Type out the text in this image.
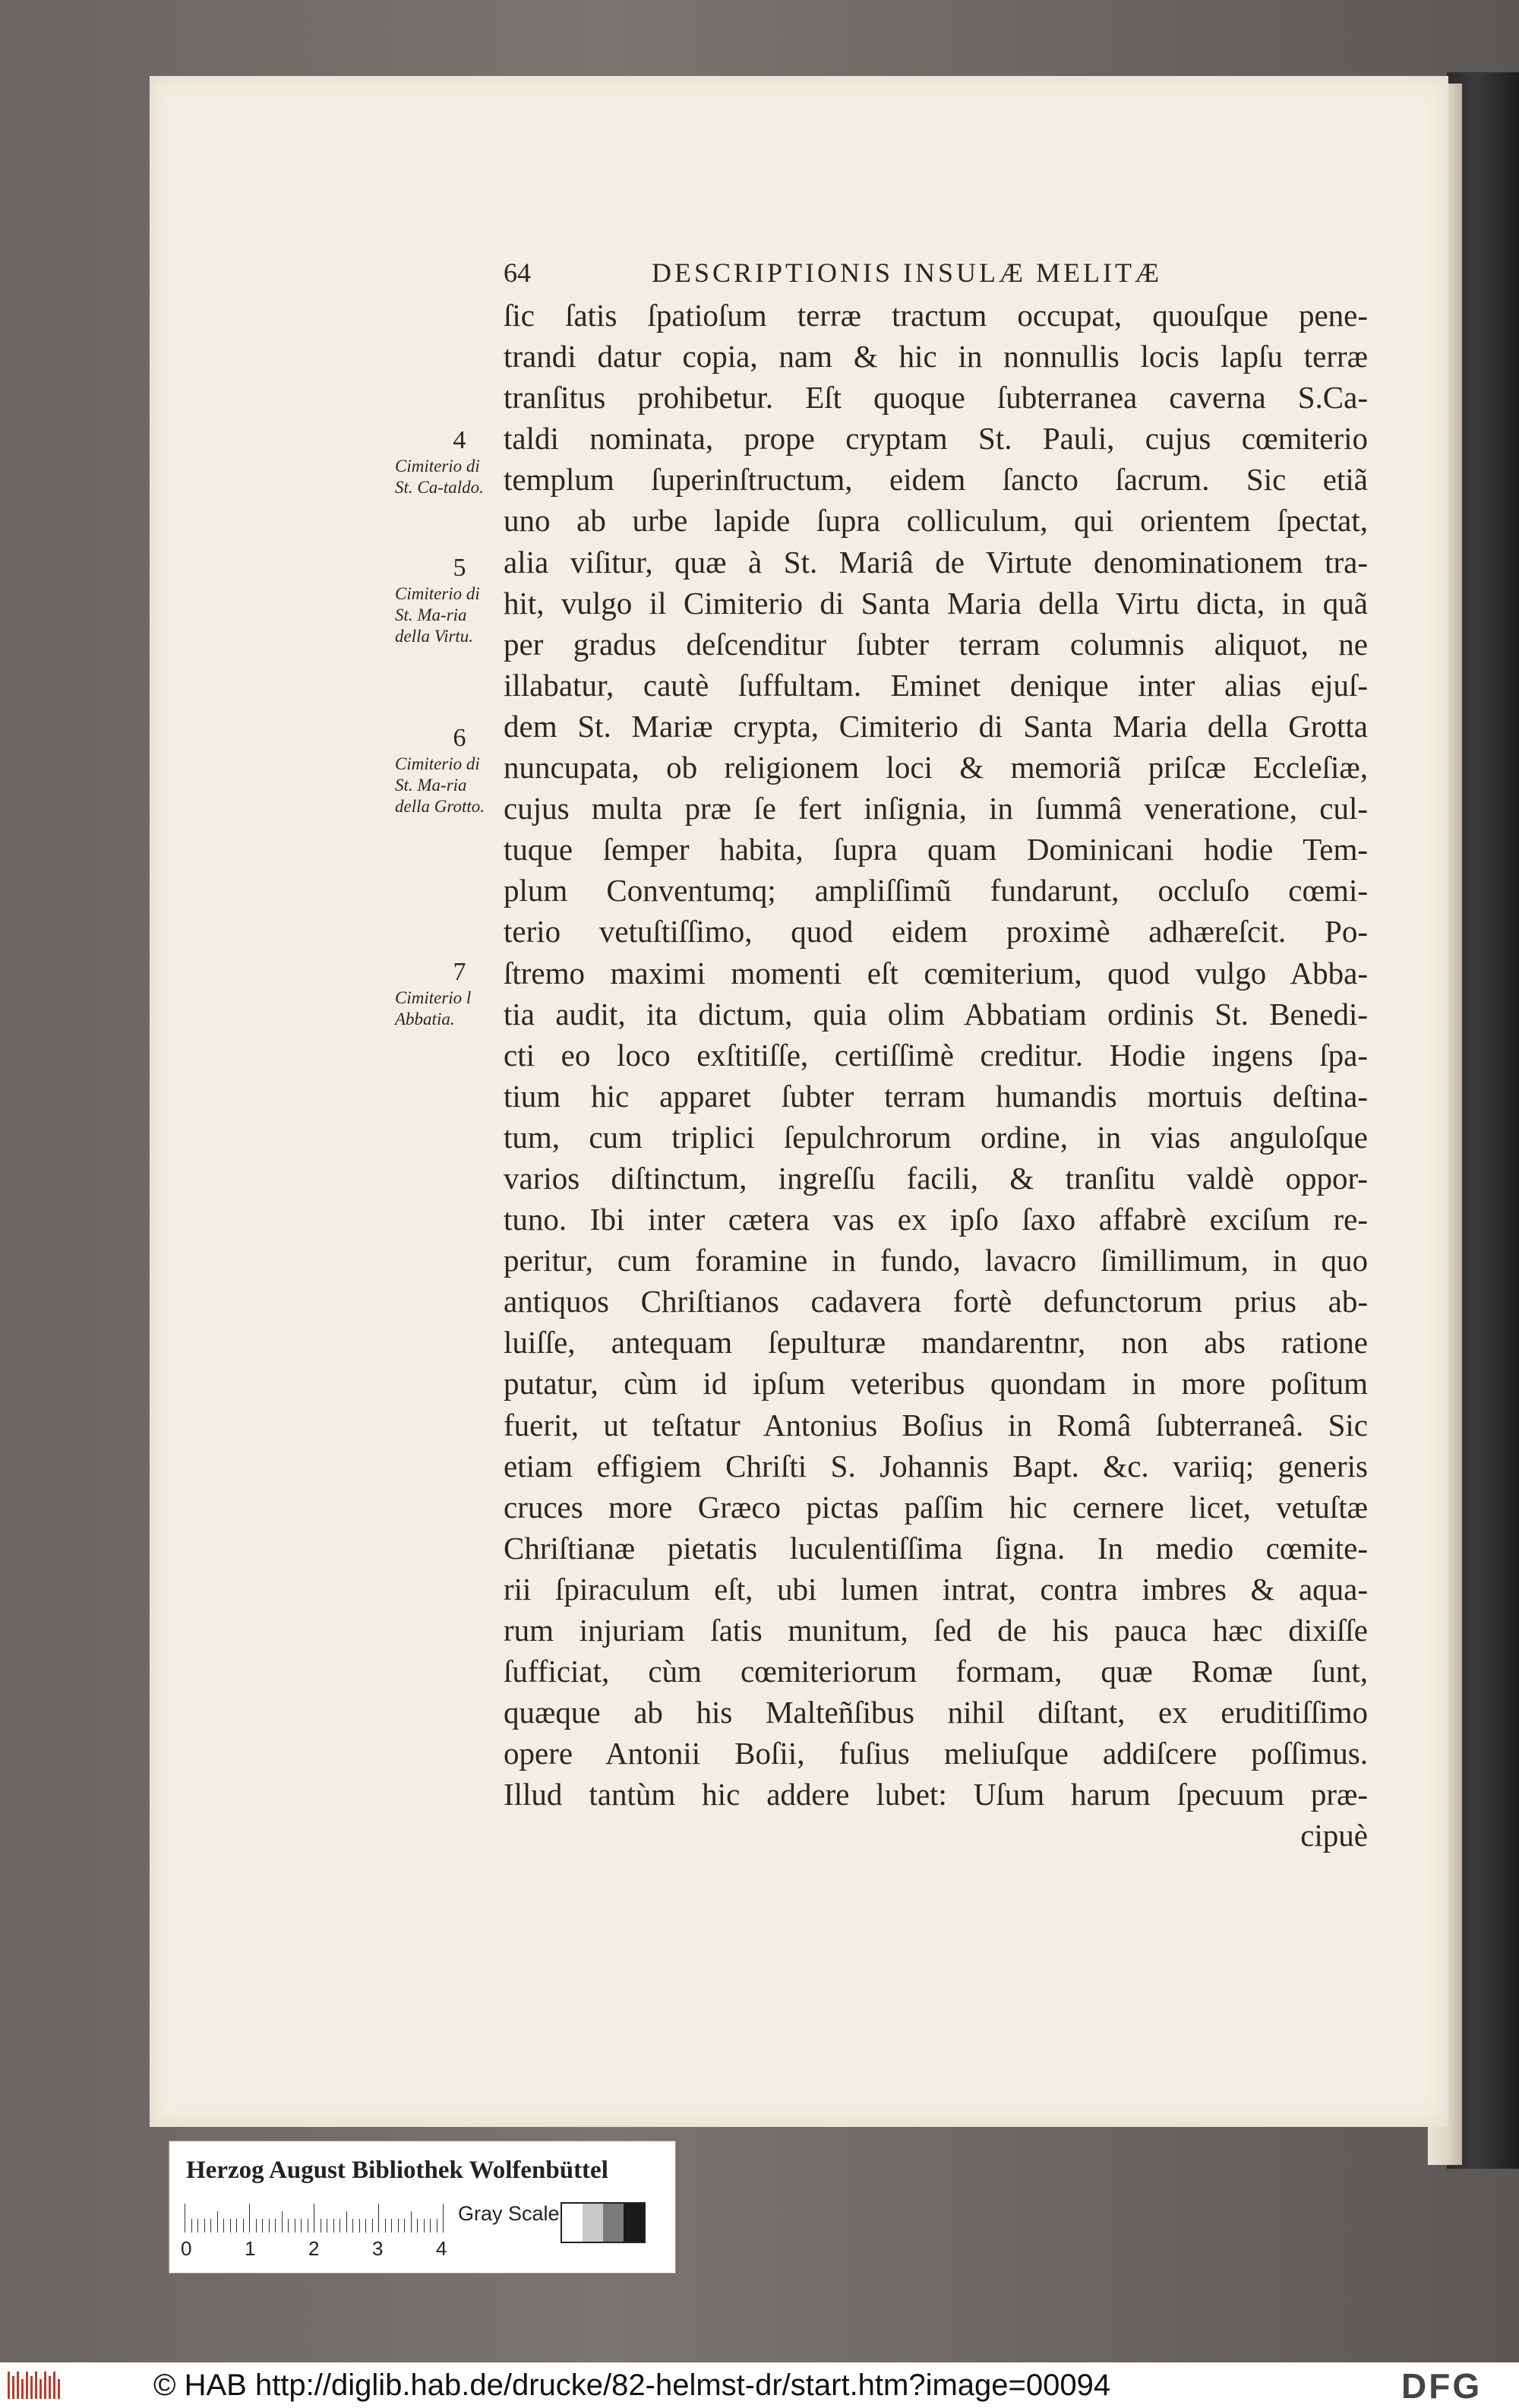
64	DESCRIPTIONIS INSULÆ MELITÆ
ſic ſatis ſpatioſum terræ tractum occupat, quouſque pene-
trandi datur copia, nam & hic in nonnullis locis lapſu terræ
tranſitus prohibetur. Eſt quoque ſubterranea caverna S.Ca-
taldi nominata, prope cryptam St. Pauli, cujus cœmiterio
templum ſuperinſtructum, eidem ſancto ſacrum. Sic etiã
uno ab urbe lapide ſupra colliculum, qui orientem ſpectat,
alia viſitur, quæ à St. Mariâ de Virtute denominationem tra-
hit, vulgo il Cimiterio di Santa Maria della Virtu dicta, in quã
per gradus deſcenditur ſubter terram columnis aliquot, ne
illabatur, cautè ſuffultam. Eminet denique inter alias ejuſ-
dem St. Mariæ crypta, Cimiterio di Santa Maria della Grotta
nuncupata, ob religionem loci & memoriã priſcæ Eccleſiæ,
cujus multa præ ſe fert inſignia, in ſummâ veneratione, cul-
tuque ſemper habita, ſupra quam Dominicani hodie Tem-
plum Conventumq; ampliſſimũ fundarunt, occluſo cœmi-
terio vetuſtiſſimo, quod eidem proximè adhæreſcit. Po-
ſtremo maximi momenti eſt cœmiterium, quod vulgo Abba-
tia audit, ita dictum, quia olim Abbatiam ordinis St. Benedi-
cti eo loco exſtitiſſe, certiſſimè creditur. Hodie ingens ſpa-
tium hic apparet ſubter terram humandis mortuis deſtina-
tum, cum triplici ſepulchrorum ordine, in vias anguloſque
varios diſtinctum, ingreſſu facili, & tranſitu valdè oppor-
tuno. Ibi inter cætera vas ex ipſo ſaxo affabrè exciſum re-
peritur, cum foramine in fundo, lavacro ſimillimum, in quo
antiquos Chriſtianos cadavera fortè defunctorum prius ab-
luiſſe, antequam ſepulturæ mandarentnr, non abs ratione
putatur, cùm id ipſum veteribus quondam in more poſitum
fuerit, ut teſtatur Antonius Boſius in Româ ſubterraneâ. Sic
etiam effigiem Chriſti S. Johannis Bapt. &c. variiq; generis
cruces more Græco pictas paſſim hic cernere licet, vetuſtæ
Chriſtianæ pietatis luculentiſſima ſigna. In medio cœmite-
rii ſpiraculum eſt, ubi lumen intrat, contra imbres & aqua-
rum injuriam ſatis munitum, ſed de his pauca hæc dixiſſe
ſufficiat, cùm cœmiteriorum formam, quæ Romæ ſunt,
quæque ab his Malteñſibus nihil diſtant, ex eruditiſſimo
opere Antonii Boſii, fuſius meliuſque addiſcere poſſimus.
Illud tantùm hic addere lubet: Uſum harum ſpecuum præ-
cipuè
4
Cimiterio di St. Ca-taldo.
5
Cimiterio di St. Ma-ria della Virtu.
6
Cimiterio di St. Ma-ria della Grotto.
7
Cimiterio l Abbatia.
Herzog August Bibliothek Wolfenbüttel
0	1	2	3	4
Gray Scale
© HAB http://diglib.hab.de/drucke/82-helmst-dr/start.htm?image=00094	DFG
